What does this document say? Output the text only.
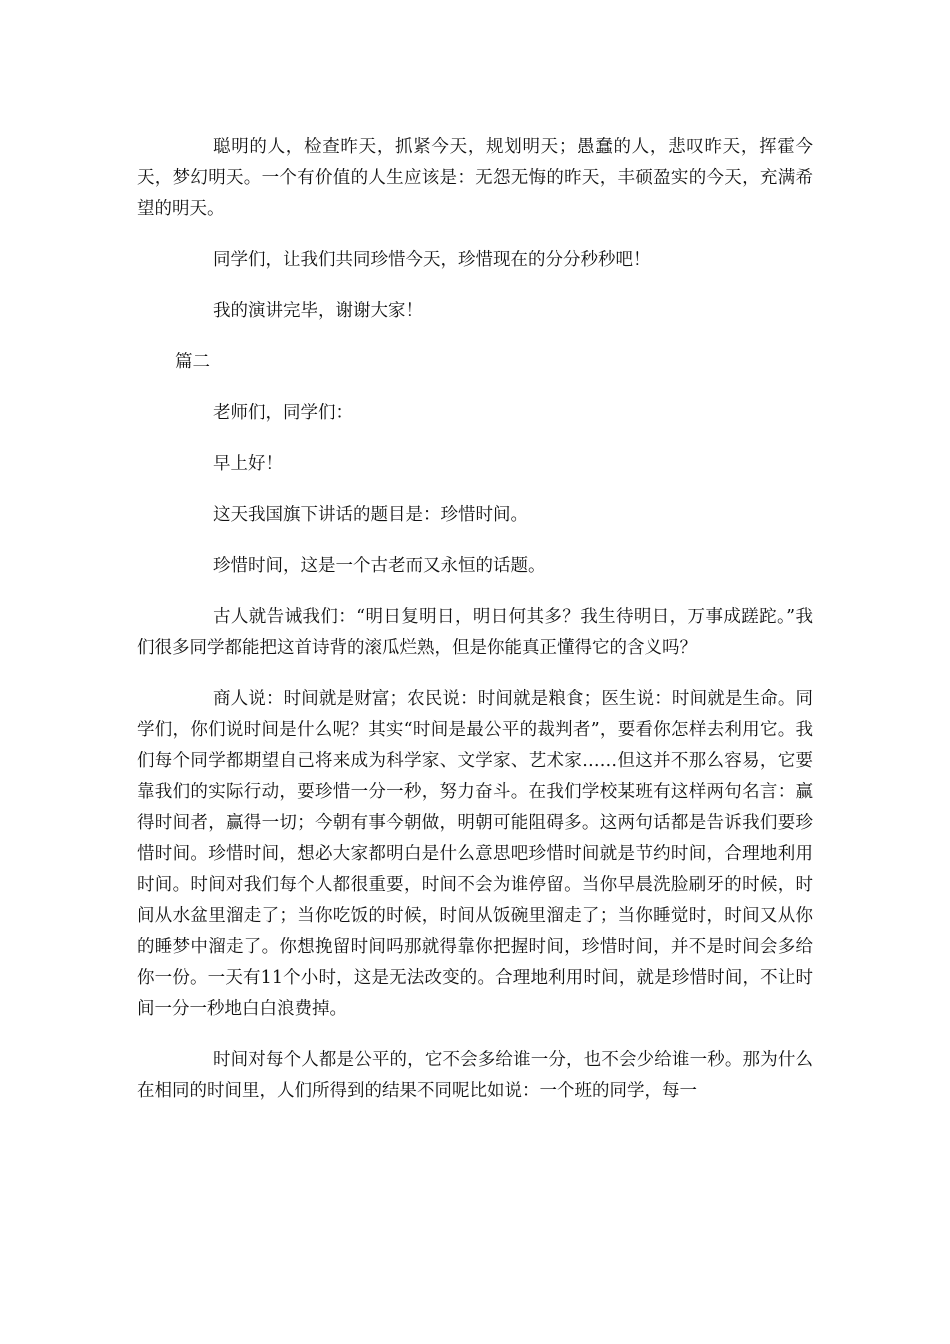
聪明的人，检查昨天，抓紧今天，规划明天；愚蠢的人，悲叹昨天，挥霍今天，梦幻明天。一个有价值的人生应该是：无怨无悔的昨天，丰硕盈实的今天，充满希望的明天。

同学们，让我们共同珍惜今天，珍惜现在的分分秒秒吧！

我的演讲完毕，谢谢大家！

篇二

老师们，同学们：

早上好！

这天我国旗下讲话的题目是：珍惜时间。

珍惜时间，这是一个古老而又永恒的话题。

古人就告诫我们：“明日复明日，明日何其多？我生待明日，万事成蹉跎。”我们很多同学都能把这首诗背的滚瓜烂熟，但是你能真正懂得它的含义吗？

商人说：时间就是财富；农民说：时间就是粮食；医生说：时间就是生命。同学们，你们说时间是什么呢？其实“时间是最公平的裁判者”，要看你怎样去利用它。我们每个同学都期望自己将来成为科学家、文学家、艺术家……但这并不那么容易，它要靠我们的实际行动，要珍惜一分一秒，努力奋斗。在我们学校某班有这样两句名言：赢得时间者，赢得一切；今朝有事今朝做，明朝可能阻碍多。这两句话都是告诉我们要珍惜时间。珍惜时间，想必大家都明白是什么意思吧珍惜时间就是节约时间，合理地利用时间。时间对我们每个人都很重要，时间不会为谁停留。当你早晨洗脸刷牙的时候，时间从水盆里溜走了；当你吃饭的时候，时间从饭碗里溜走了；当你睡觉时，时间又从你的睡梦中溜走了。你想挽留时间吗那就得靠你把握时间，珍惜时间，并不是时间会多给你一份。一天有11个小时，这是无法改变的。合理地利用时间，就是珍惜时间，不让时间一分一秒地白白浪费掉。

时间对每个人都是公平的，它不会多给谁一分，也不会少给谁一秒。那为什么在相同的时间里，人们所得到的结果不同呢比如说：一个班的同学，每一
